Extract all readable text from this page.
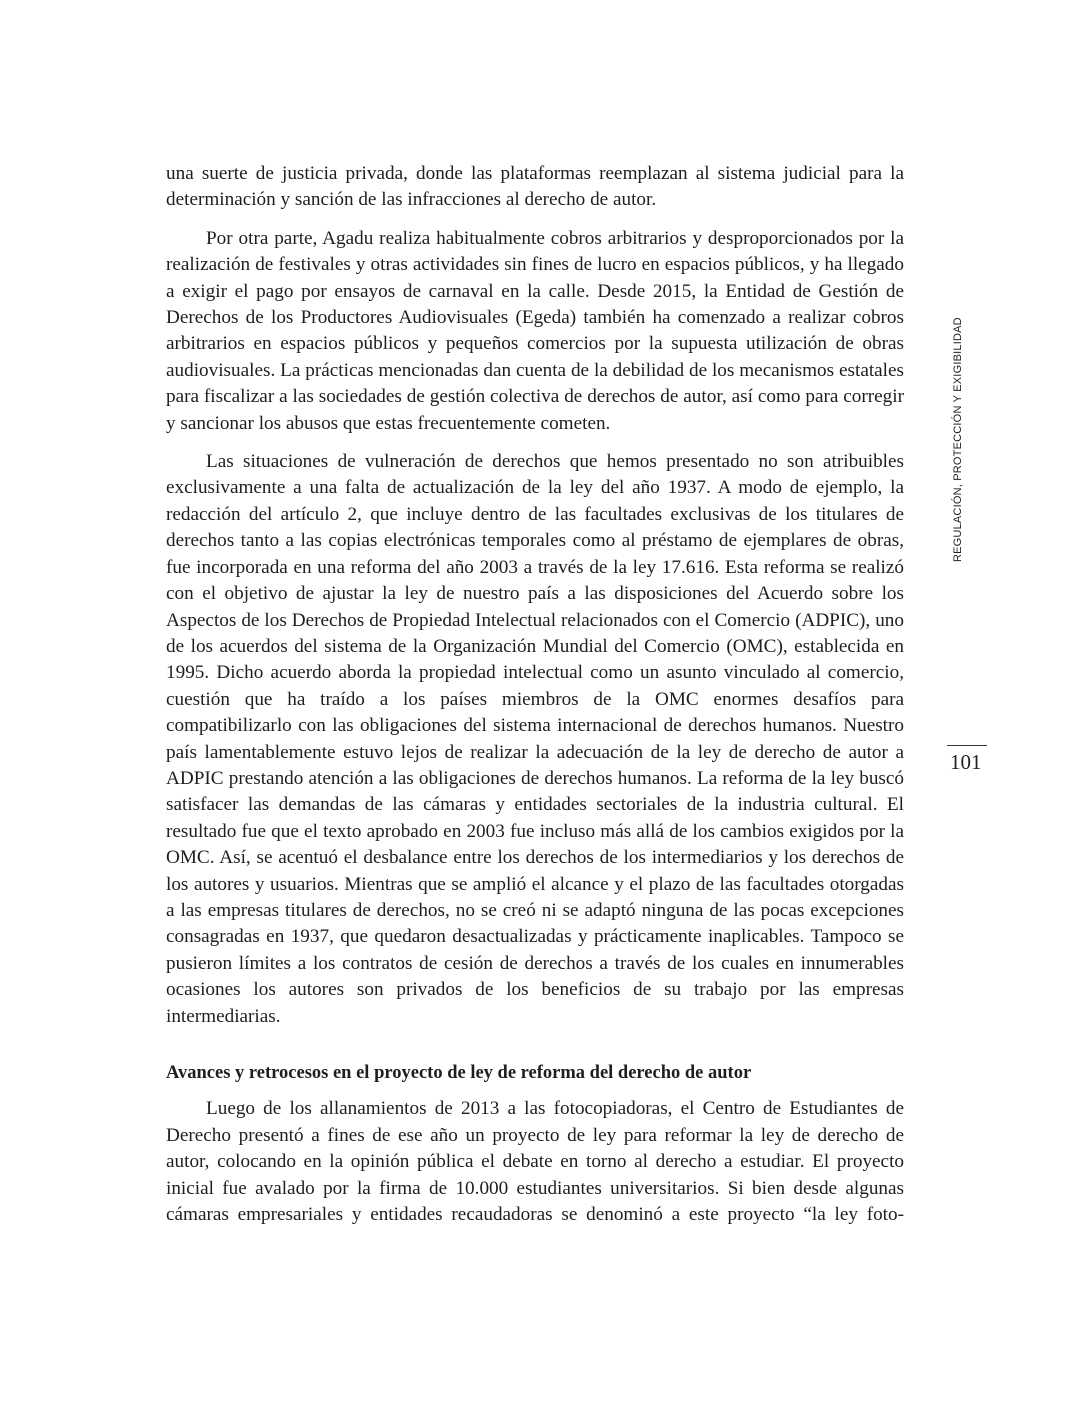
una suerte de justicia privada, donde las plataformas reemplazan al sistema judicial para la determinación y sanción de las infracciones al derecho de autor.

Por otra parte, Agadu realiza habitualmente cobros arbitrarios y desproporcionados por la realización de festivales y otras actividades sin fines de lucro en espacios públicos, y ha llegado a exigir el pago por ensayos de carnaval en la calle. Desde 2015, la Entidad de Gestión de Derechos de los Productores Audiovisuales (Egeda) también ha comenzado a realizar cobros arbitrarios en espacios públicos y pequeños comercios por la supuesta utilización de obras audiovisuales. La prácticas mencionadas dan cuenta de la debilidad de los mecanismos estatales para fiscalizar a las sociedades de gestión colectiva de derechos de autor, así como para corregir y sancionar los abusos que estas frecuentemente cometen.

Las situaciones de vulneración de derechos que hemos presentado no son atribuibles exclusivamente a una falta de actualización de la ley del año 1937. A modo de ejemplo, la redacción del artículo 2, que incluye dentro de las facultades exclusivas de los titulares de derechos tanto a las copias electrónicas temporales como al préstamo de ejemplares de obras, fue incorporada en una reforma del año 2003 a través de la ley 17.616. Esta reforma se realizó con el objetivo de ajustar la ley de nuestro país a las disposiciones del Acuerdo sobre los Aspectos de los Derechos de Propiedad Intelectual relacionados con el Comercio (ADPIC), uno de los acuerdos del sistema de la Organización Mundial del Comercio (OMC), establecida en 1995. Dicho acuerdo aborda la propiedad intelectual como un asunto vinculado al comercio, cuestión que ha traído a los países miembros de la OMC enormes desafíos para compatibilizarlo con las obligaciones del sistema internacional de derechos humanos. Nuestro país lamentablemente estuvo lejos de realizar la adecuación de la ley de derecho de autor a ADPIC prestando atención a las obligaciones de derechos humanos. La reforma de la ley buscó satisfacer las demandas de las cámaras y entidades sectoriales de la industria cultural. El resultado fue que el texto aprobado en 2003 fue incluso más allá de los cambios exigidos por la OMC. Así, se acentuó el desbalance entre los derechos de los intermediarios y los derechos de los autores y usuarios. Mientras que se amplió el alcance y el plazo de las facultades otorgadas a las empresas titulares de derechos, no se creó ni se adaptó ninguna de las pocas excepciones consagradas en 1937, que quedaron desactualizadas y prácticamente inaplicables. Tampoco se pusieron límites a los contratos de cesión de derechos a través de los cuales en innumerables ocasiones los autores son privados de los beneficios de su trabajo por las empresas intermediarias.

Avances y retrocesos en el proyecto de ley de reforma del derecho de autor

Luego de los allanamientos de 2013 a las fotocopiadoras, el Centro de Estudiantes de Derecho presentó a fines de ese año un proyecto de ley para reformar la ley de derecho de autor, colocando en la opinión pública el debate en torno al derecho a estudiar. El proyecto inicial fue avalado por la firma de 10.000 estudiantes universitarios. Si bien desde algunas cámaras empresariales y entidades recaudadoras se denominó a este proyecto “la ley foto-

REGULACIÓN, PROTECCIÓN Y EXIGIBILIDAD
101
